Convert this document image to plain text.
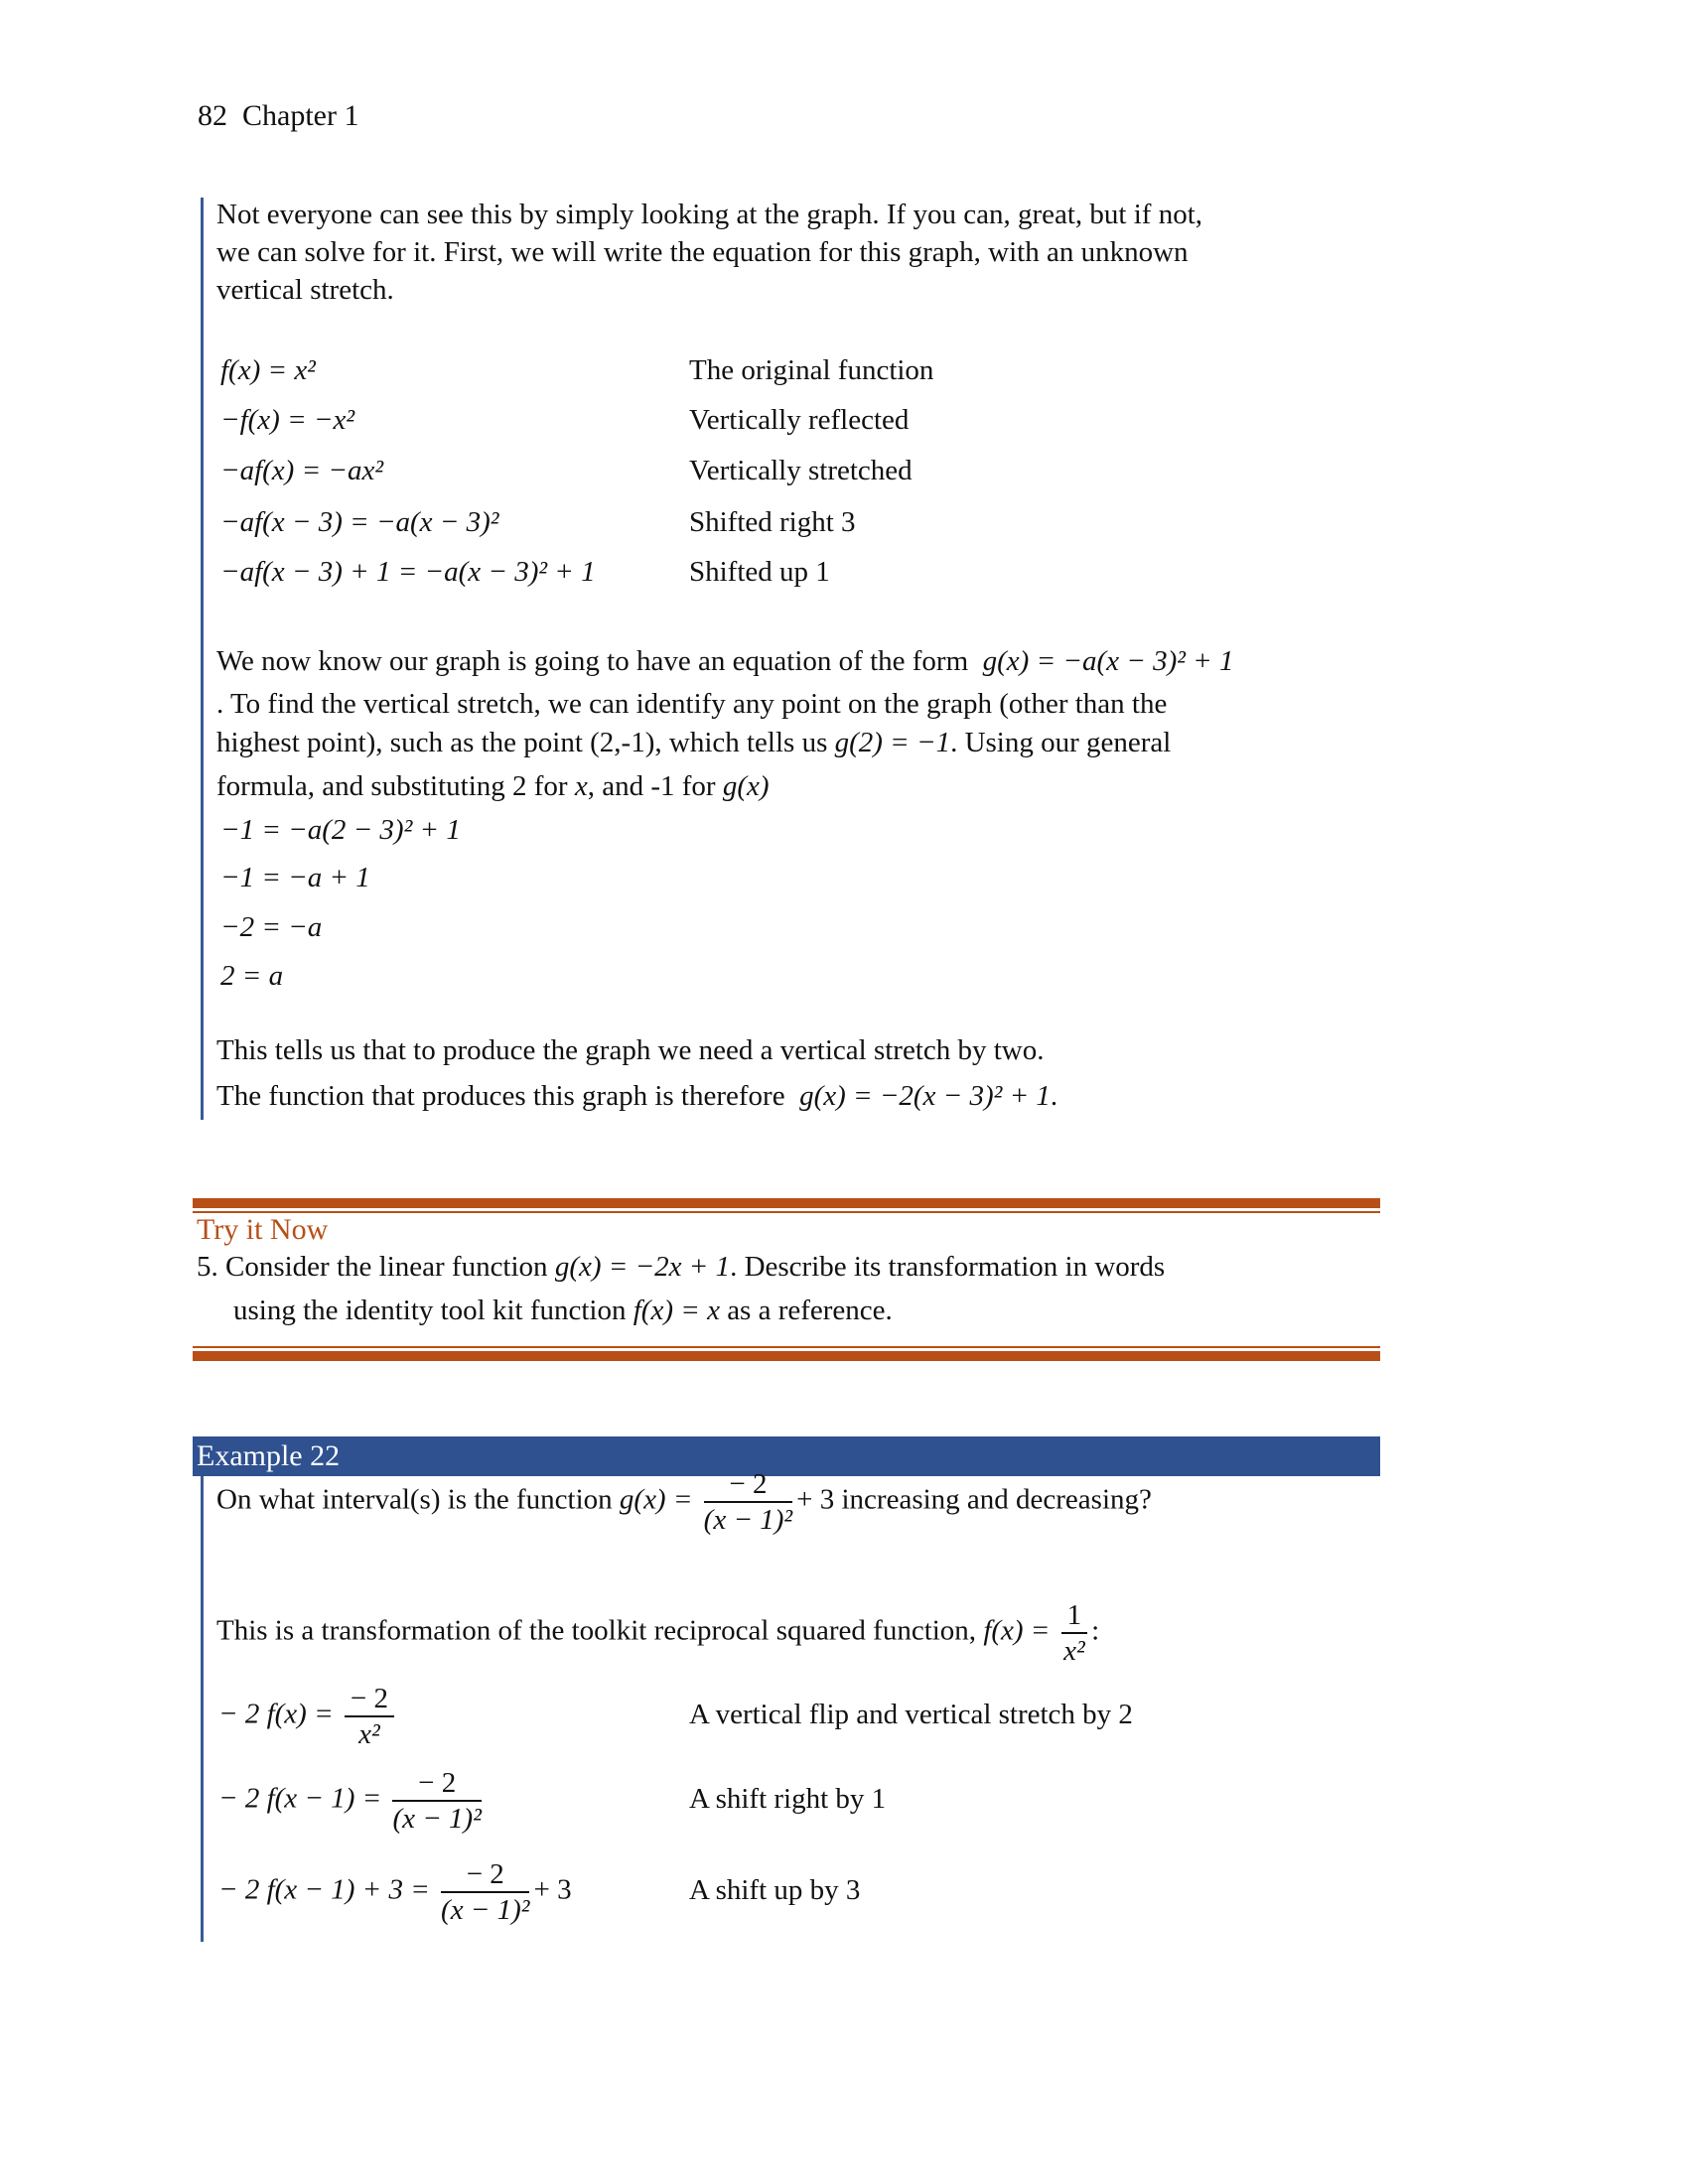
82 Chapter 1
Not everyone can see this by simply looking at the graph. If you can, great, but if not,
we can solve for it. First, we will write the equation for this graph, with an unknown
vertical stretch.
f(x) = x²	The original function
−f(x) = −x²	Vertically reflected
−af(x) = −ax²	Vertically stretched
−af(x − 3) = −a(x − 3)²	Shifted right 3
−af(x − 3) + 1 = −a(x − 3)² + 1	Shifted up 1
We now know our graph is going to have an equation of the form g(x) = −a(x − 3)² + 1
. To find the vertical stretch, we can identify any point on the graph (other than the
highest point), such as the point (2,-1), which tells us g(2) = −1. Using our general
formula, and substituting 2 for x, and -1 for g(x)
−1 = −a(2 − 3)² + 1
−1 = −a + 1
−2 = −a
2 = a
This tells us that to produce the graph we need a vertical stretch by two.
The function that produces this graph is therefore g(x) = −2(x − 3)² + 1.
Try it Now
5. Consider the linear function g(x) = −2x + 1. Describe its transformation in words
using the identity tool kit function f(x) = x as a reference.
Example 22
On what interval(s) is the function $g(x) = \frac{- 2}{\text{(x − 1)²}} + 3$ increasing and decreasing?
This is a transformation of the toolkit reciprocal squared function, $f(x) = \frac{1}{\text{x²}}$ :
− 2 $f(x) = \frac{- 2}{\text{x²}}$	A vertical flip and vertical stretch by 2
− 2 $f(x - 1) = \frac{- 2}{\text{(x − 1)²}}$	A shift right by 1
− 2 $f(x - 1) + 3 = \frac{- 2}{\text{(x − 1)²}} + 3$	A shift up by 3
